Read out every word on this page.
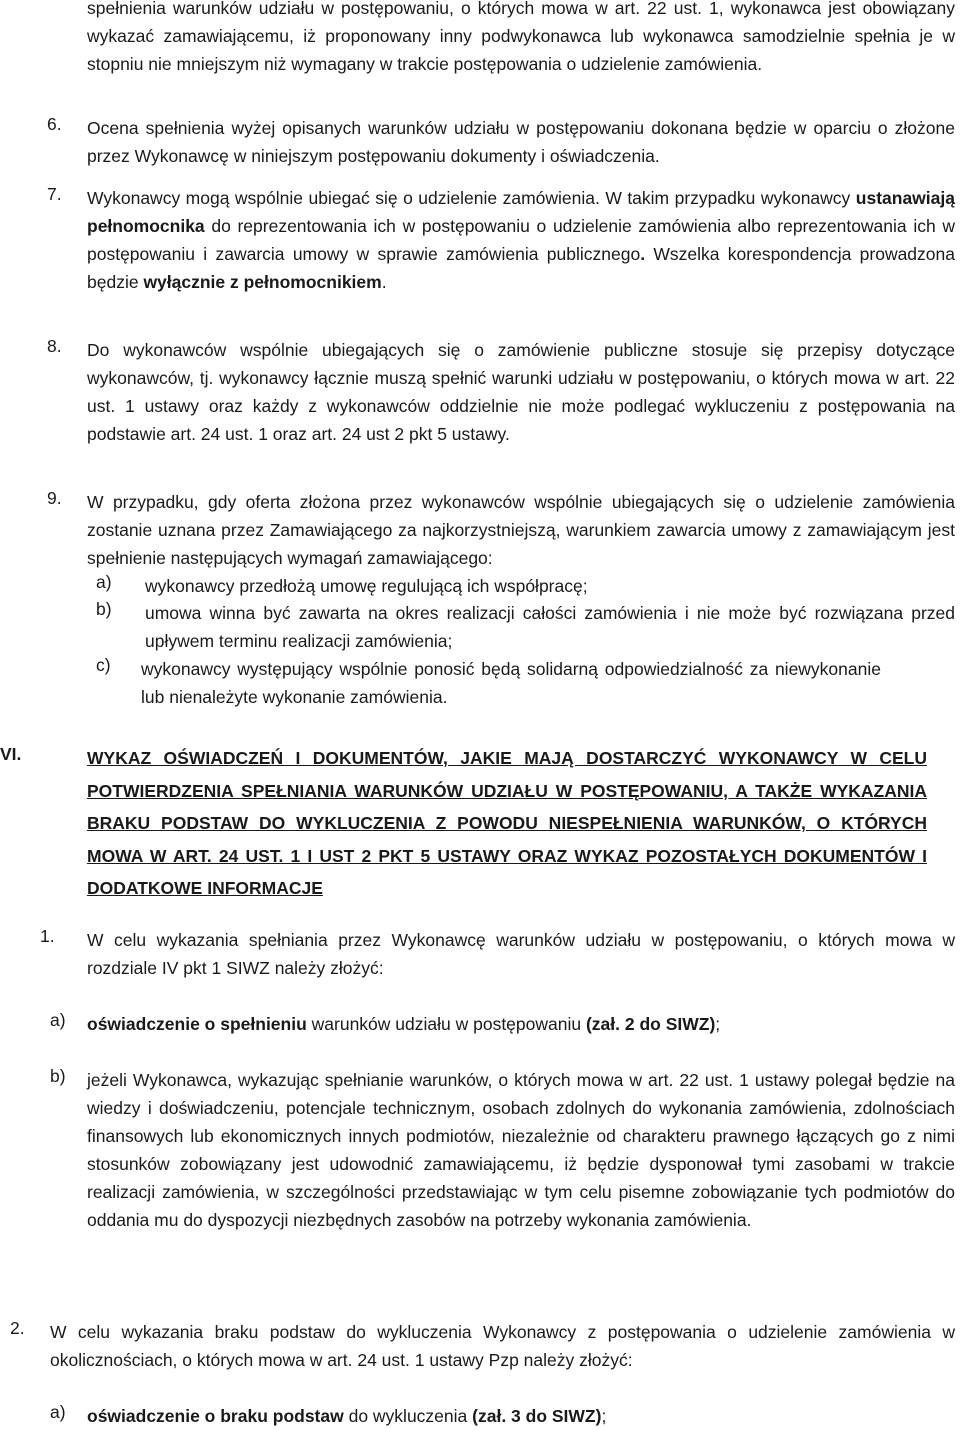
spełnienia warunków udziału w postępowaniu, o których mowa w art. 22 ust. 1, wykonawca jest obowiązany wykazać zamawiającemu, iż proponowany inny podwykonawca lub wykonawca samodzielnie spełnia je w stopniu nie mniejszym niż wymagany w trakcie postępowania o udzielenie zamówienia.

6. Ocena spełnienia wyżej opisanych warunków udziału w postępowaniu dokonana będzie w oparciu o złożone przez Wykonawcę w niniejszym postępowaniu dokumenty i oświadczenia.

7. Wykonawcy mogą wspólnie ubiegać się o udzielenie zamówienia. W takim przypadku wykonawcy ustanawiają pełnomocnika do reprezentowania ich w postępowaniu o udzielenie zamówienia albo reprezentowania ich w postępowaniu i zawarcia umowy w sprawie zamówienia publicznego. Wszelka korespondencja prowadzona będzie wyłącznie z pełnomocnikiem.

8. Do wykonawców wspólnie ubiegających się o zamówienie publiczne stosuje się przepisy dotyczące wykonawców, tj. wykonawcy łącznie muszą spełnić warunki udziału w postępowaniu, o których mowa w art. 22 ust. 1 ustawy oraz każdy z wykonawców oddzielnie nie może podlegać wykluczeniu z postępowania na podstawie art. 24 ust. 1 oraz art. 24 ust 2 pkt 5 ustawy.

9. W przypadku, gdy oferta złożona przez wykonawców wspólnie ubiegających się o udzielenie zamówienia zostanie uznana przez Zamawiającego za najkorzystniejszą, warunkiem zawarcia umowy z zamawiającym jest spełnienie następujących wymagań zamawiającego:

a) wykonawcy przedłożą umowę regulującą ich współpracę;

b) umowa winna być zawarta na okres realizacji całości zamówienia i nie może być rozwiązana przed upływem terminu realizacji zamówienia;

c) wykonawcy występujący wspólnie ponosić będą solidarną odpowiedzialność za niewykonanie lub nienależyte wykonanie zamówienia.

VI.	WYKAZ OŚWIADCZEŃ I DOKUMENTÓW, JAKIE MAJĄ DOSTARCZYĆ WYKONAWCY W CELU POTWIERDZENIA SPEŁNIANIA WARUNKÓW UDZIAŁU W POSTĘPOWANIU, A TAKŻE WYKAZANIA BRAKU PODSTAW DO WYKLUCZENIA Z POWODU NIESPEŁNIENIA WARUNKÓW, O KTÓRYCH MOWA W ART. 24 UST. 1 I UST 2 PKT 5 USTAWY ORAZ WYKAZ POZOSTAŁYCH DOKUMENTÓW I DODATKOWE INFORMACJE

1. W celu wykazania spełniania przez Wykonawcę warunków udziału w postępowaniu, o których mowa w rozdziale IV pkt 1 SIWZ należy złożyć:

a) oświadczenie o spełnieniu warunków udziału w postępowaniu (zał. 2 do SIWZ);

b) jeżeli Wykonawca, wykazując spełnianie warunków, o których mowa w art. 22 ust. 1 ustawy polegał będzie na wiedzy i doświadczeniu, potencjale technicznym, osobach zdolnych do wykonania zamówienia, zdolnościach finansowych lub ekonomicznych innych podmiotów, niezależnie od charakteru prawnego łączących go z nimi stosunków zobowiązany jest udowodnić zamawiającemu, iż będzie dysponował tymi zasobami w trakcie realizacji zamówienia, w szczególności przedstawiając w tym celu pisemne zobowiązanie tych podmiotów do oddania mu do dyspozycji niezbędnych zasobów na potrzeby wykonania zamówienia.

2. W celu wykazania braku podstaw do wykluczenia Wykonawcy z postępowania o udzielenie zamówienia w okolicznościach, o których mowa w art. 24 ust. 1 ustawy Pzp należy złożyć:

a) oświadczenie o braku podstaw do wykluczenia (zał. 3 do SIWZ);
